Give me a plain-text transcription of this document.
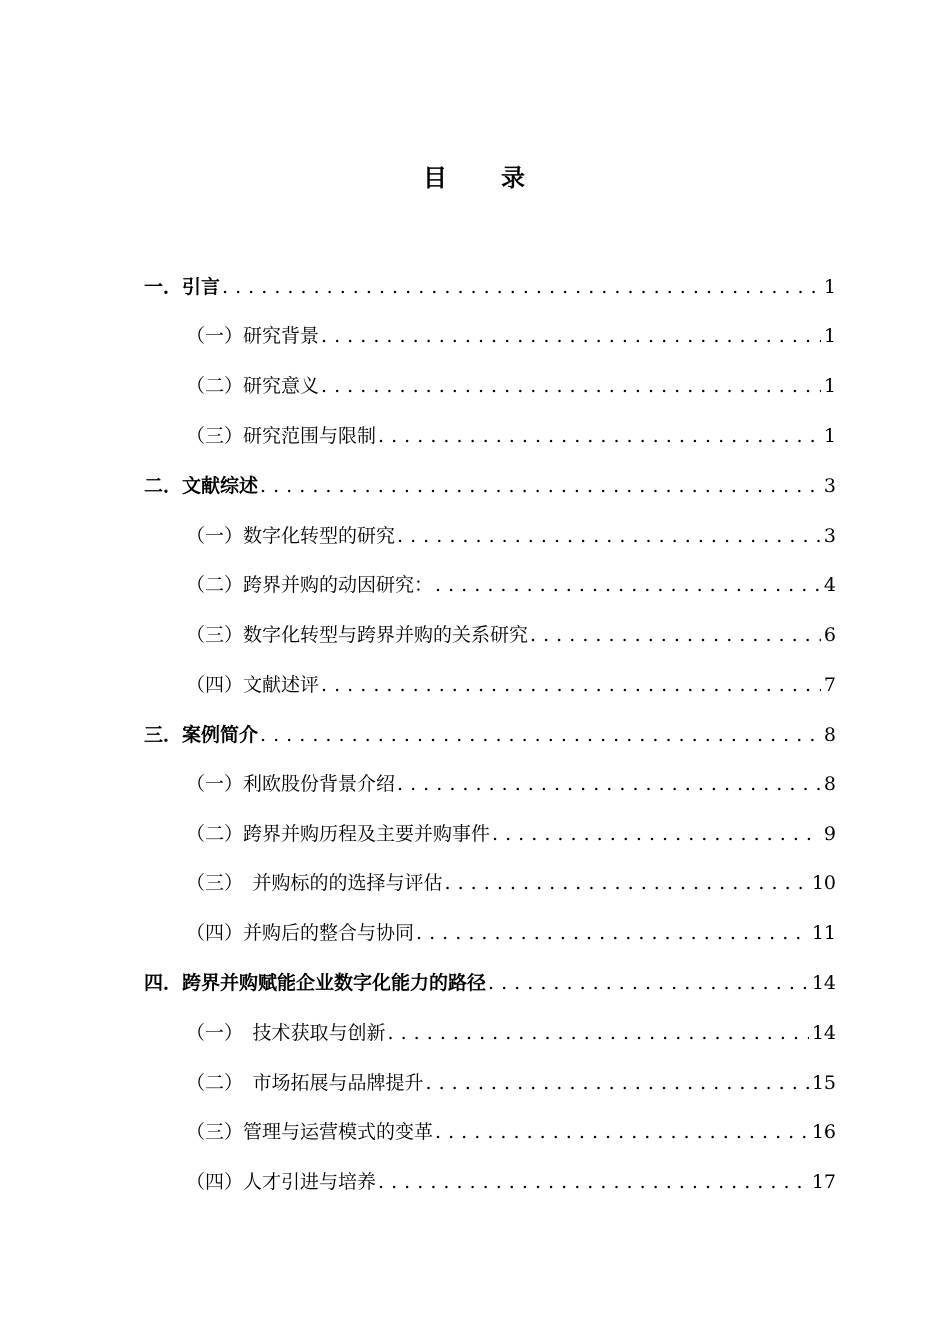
目　　录
一．引言 . . .	1
（一）研究背景 . . .	1
（二）研究意义 . . .	1
（三）研究范围与限制 . . .	1
二．文献综述 . . .	3
（一）数字化转型的研究 . . .	3
（二）跨界并购的动因研究： . . .	4
（三）数字化转型与跨界并购的关系研究 . . .	6
（四）文献述评 . . .	7
三．案例简介 . . .	8
（一）利欧股份背景介绍 . . .	8
（二）跨界并购历程及主要并购事件 . . .	9
（三）　并购标的的选择与评估 . . .	10
（四）并购后的整合与协同 . . .	11
四．跨界并购赋能企业数字化能力的路径 . . .	14
（一）　技术获取与创新 . . .	14
（二）　市场拓展与品牌提升 . . .	15
（三）管理与运营模式的变革 . . .	16
（四）人才引进与培养 . . .	17
